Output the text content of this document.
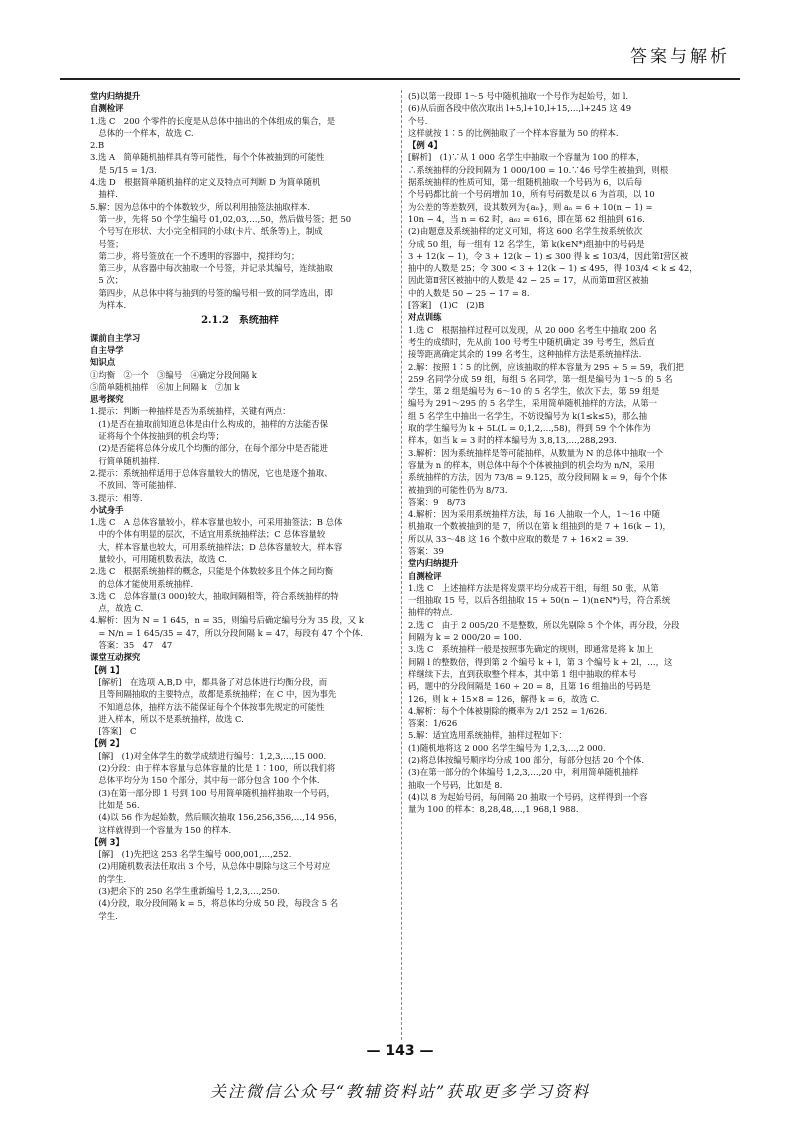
答案与解析
堂内归纳提升
自测检评
1.选 C　200 个零件的长度是从总体中抽出的个体组成的集合，是
　总体的一个样本，故选 C.
2.B
3.选 A　简单随机抽样具有等可能性，每个个体被抽到的可能性
　是 5/15 = 1/3.
4.选 D　根据简单随机抽样的定义及特点可判断 D 为简单随机
　抽样.
5.解：因为总体中的个体数较少，所以利用抽签法抽取样本.
　第一步，先将 50 个学生编号 01,02,03,…,50，然后做号签；把 50
　个号写在形状、大小完全相同的小球(卡片、纸条等)上，制成
　号签；
　第二步，将号签放在一个不透明的容器中，搅拌均匀；
　第三步，从容器中每次抽取一个号签，并记录其编号，连续抽取
　5 次；
　第四步，从总体中将与抽到的号签的编号相一致的同学选出，即
　为样本.
2.1.2　系统抽样
课前自主学习
自主导学
知识点
①均衡　②一个　③编号　④确定分段间隔 k
⑤简单随机抽样　⑥加上间隔 k　⑦加 k
思考探究
1.提示：判断一种抽样是否为系统抽样，关键有两点：
　(1)是否在抽取前知道总体是由什么构成的，抽样的方法能否保
　证将每个个体按抽到的机会均等；
　(2)是否能将总体分成几个均衡的部分，在每个部分中是否能进
　行简单随机抽样.
2.提示：系统抽样适用于总体容量较大的情况，它也是逐个抽取、
　不放回、等可能抽样.
3.提示：相等.
小试身手
1.选 C　A 总体容量较小，样本容量也较小，可采用抽签法；B 总体
　中的个体有明显的层次，不适宜用系统抽样法；C 总体容量较
　大，样本容量也较大，可用系统抽样法；D 总体容量较大，样本容
　量较小，可用随机数表法，故选 C.
2.选 C　根据系统抽样的概念，只能是个体数较多且个体之间均衡
　的总体才能使用系统抽样.
3.选 C　总体容量(3 000)较大，抽取间隔相等，符合系统抽样的特
　点，故选 C.
4.解析：因为 N = 1 645，n = 35，则编号后确定编号分为 35 段，又 k
　= N/n = 1 645/35 = 47，所以分段间隔 k = 47，每段有 47 个个体.
　答案：35　47　47
课堂互动探究
【例 1】
　[解析]　在选项 A,B,D 中，都具备了对总体进行均衡分段，而
　且等间隔抽取的主要特点，故都是系统抽样；在 C 中，因为事先
　不知道总体，抽样方法不能保证每个个体按事先规定的可能性
　进入样本，所以不是系统抽样，故选 C.
　[答案]　C
【例 2】
　[解]　(1)对全体学生的数学成绩进行编号：1,2,3,…,15 000.
　(2)分段：由于样本容量与总体容量的比是 1∶100，所以我们将
　总体平均分为 150 个部分，其中每一部分包含 100 个个体.
　(3)在第一部分即 1 号到 100 号用简单随机抽样抽取一个号码，
　比如是 56.
　(4)以 56 作为起始数，然后顺次抽取 156,256,356,…,14 956，
　这样就得到一个容量为 150 的样本.
【例 3】
　[解]　(1)先把这 253 名学生编号 000,001,…,252.
　(2)用随机数表法任取出 3 个号，从总体中剔除与这三个号对应
　的学生.
　(3)把余下的 250 名学生重新编号 1,2,3,…,250.
　(4)分段，取分段间隔 k = 5，将总体均分成 50 段，每段含 5 名
　学生.
(5)以第一段即 1～5 号中随机抽取一个号作为起始号，如 l.
(6)从后面各段中依次取出 l+5,l+10,l+15,…,l+245 这 49
个号.
这样就按 1∶5 的比例抽取了一个样本容量为 50 的样本.
【例 4】
[解析]　(1)∵从 1 000 名学生中抽取一个容量为 100 的样本，
∴系统抽样的分段间隔为 1 000/100 = 10.∵46 号学生被抽到，则根
据系统抽样的性质可知，第一组随机抽取一个号码为 6，以后每
个号码都比前一个号码增加 10，所有号码数是以 6 为首项，以 10
为公差的等差数列，设其数列为{aₙ}，则 aₙ = 6 + 10(n − 1) =
10n − 4，当 n = 62 时，a₆₂ = 616，即在第 62 组抽到 616.
(2)由题意及系统抽样的定义可知，将这 600 名学生按系统依次
分成 50 组，每一组有 12 名学生，第 k(k∈N*)组抽中的号码是
3 + 12(k − 1)，令 3 + 12(k − 1) ≤ 300 得 k ≤ 103/4，因此第Ⅰ营区被
抽中的人数是 25；令 300 < 3 + 12(k − 1) ≤ 495，得 103/4 < k ≤ 42，
因此第Ⅱ营区被抽中的人数是 42 − 25 = 17，从而第Ⅲ营区被抽
中的人数是 50 − 25 − 17 = 8.
[答案]　(1)C　(2)B
对点训练
1.选 C　根据抽样过程可以发现，从 20 000 名考生中抽取 200 名
考生的成绩时，先从前 100 号考生中随机确定 39 号考生，然后直
接等距离确定其余的 199 名考生，这种抽样方法是系统抽样法.
2.解：按照 1∶5 的比例，应该抽取的样本容量为 295 ÷ 5 = 59，我们把
259 名同学分成 59 组，每组 5 名同学，第一组是编号为 1～5 的 5 名
学生，第 2 组是编号为 6～10 的 5 名学生，依次下去，第 59 组是
编号为 291～295 的 5 名学生，采用简单随机抽样的方法，从第一
组 5 名学生中抽出一名学生，不妨设编号为 k(1≤k≤5)，那么抽
取的学生编号为 k + 5L(L = 0,1,2,…,58)，得到 59 个个体作为
样本，如当 k = 3 时的样本编号为 3,8,13,…,288,293.
3.解析：因为系统抽样是等可能抽样，从数量为 N 的总体中抽取一个
容量为 n 的样本，则总体中每个个体被抽到的机会均为 n/N，采用
系统抽样的方法，因为 73/8 = 9.125，故分段间隔 k = 9，每个个体
被抽到的可能性仍为 8/73.
答案：9　8/73
4.解析：因为采用系统抽样方法，每 16 人抽取一个人，1～16 中随
机抽取一个数被抽到的是 7，所以在第 k 组抽到的是 7 + 16(k − 1)，
所以从 33～48 这 16 个数中应取的数是 7 + 16×2 = 39.
答案：39
堂内归纳提升
自测检评
1.选 C　上述抽样方法是将发票平均分成若干组，每组 50 张，从第
一组抽取 15 号，以后各组抽取 15 + 50(n − 1)(n∈N*)号，符合系统
抽样的特点.
2.选 C　由于 2 005/20 不是整数，所以先剔除 5 个个体，再分段，分段
间隔为 k = 2 000/20 = 100.
3.选 C　系统抽样一般是按照事先确定的规则，即通常是将 k 加上
间隔 l 的整数倍，得到第 2 个编号 k + l，第 3 个编号 k + 2l，…，这
样继续下去，直到获取整个样本，其中第 1 组中抽取的样本号
码，题中的分段间隔是 160 ÷ 20 = 8，且第 16 组抽出的号码是
126，则 k + 15×8 = 126，解得 k = 6，故选 C.
4.解析：每个个体被剔除的概率为 2/1 252 = 1/626.
答案：1/626
5.解：适宜选用系统抽样，抽样过程如下：
(1)随机地将这 2 000 名学生编号为 1,2,3,…,2 000.
(2)将总体按编号顺序均分成 100 部分，每部分包括 20 个个体.
(3)在第一部分的个体编号 1,2,3,…,20 中，利用简单随机抽样
抽取一个号码，比如是 8.
(4)以 8 为起始号码，每间隔 20 抽取一个号码，这样得到一个容
量为 100 的样本：8,28,48,…,1 968,1 988.
— 143 —
关注微信公众号“教辅资料站”获取更多学习资料
